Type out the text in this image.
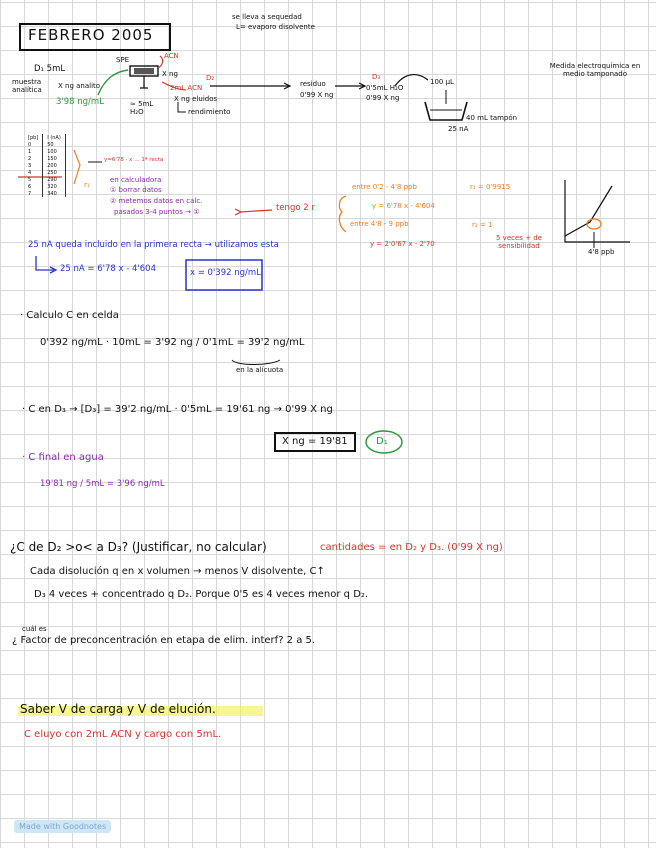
FEBRERO 2005
se lleva a sequedad
L= evaporo disolvente
D₁ 5mL
muestra analítica
X ng analito
3'98 ng/mL
SPE	ACN
X ng	D₂
2mL ACN
X ng eluidos
rendimiento
≃ 5mL H₂O
residuo
0'99 X ng
D₃
0'5mL H₂O
0'99 X ng
100 µL
40 mL tampón
25 nA
Medida electroquímica en medio tamponado
[pb]	I (nA)
0	50
1	100
2	150
3	200
4	250
5	290
6	320
7	340
y=6'78 · x … 1ª recta
r₁
en calculadora
① borrar datos
② metemos datos en calc.
pasados 3-4 puntos → ①	tengo 2 r
entre 0'2 - 4'8 ppb	r₁ = 0'9915
y = 6'78 x - 4'604
entre 4'8 - 9 ppb	r₂ = 1
y = 2'0'67 x - 2'70
5 veces + de sensibilidad
4'8 ppb
25 nA queda incluido en la primera recta → utilizamos esta
25 nA = 6'78 x - 4'604	x = 0'392 ng/mL
· Calculo C en celda
0'392 ng/mL · 10mL = 3'92 ng / 0'1mL = 39'2 ng/mL
en la alícuota
· C en D₃ → [D₃] = 39'2 ng/mL · 0'5mL = 19'61 ng → 0'99 X ng
X ng = 19'81	D₁
· C final en agua
19'81 ng / 5mL = 3'96 ng/mL
¿C de D₂ >o< a D₃? (Justificar, no calcular)	cantidades = en D₂ y D₃. (0'99 X ng)
Cada disolución q en x volumen → menos V disolvente, C↑
D₃ 4 veces + concentrado q D₂. Porque 0'5 es 4 veces menor q D₂.
cuál es
¿ Factor de preconcentración en etapa de elim. interf? 2 a 5.
Saber V de carga y V de elución.
C eluyo con 2mL ACN y cargo con 5mL.
Made with Goodnotes
